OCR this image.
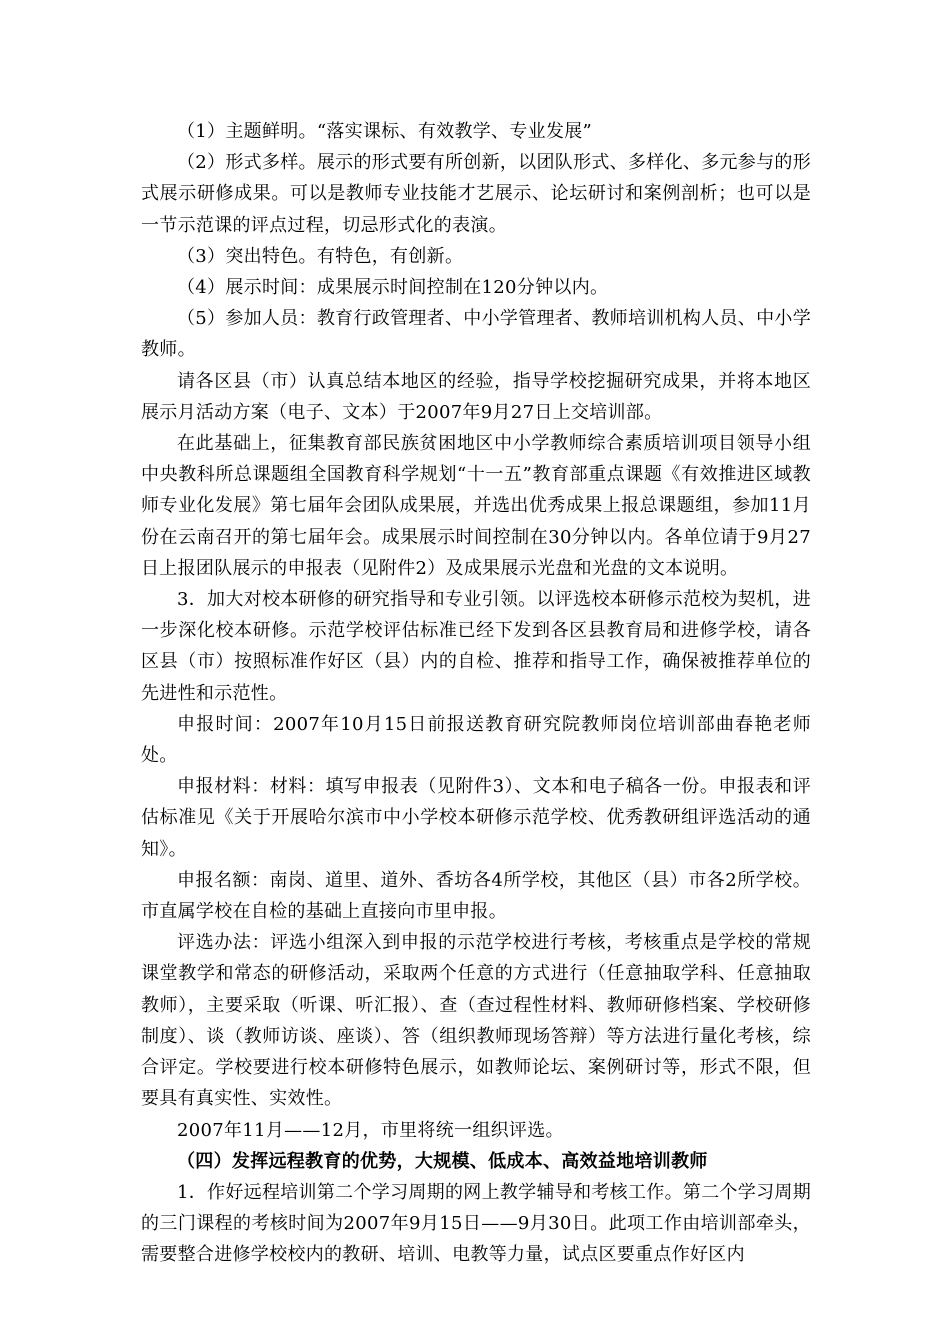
（1）主题鲜明。“落实课标、有效教学、专业发展”

（2）形式多样。展示的形式要有所创新，以团队形式、多样化、多元参与的形式展示研修成果。可以是教师专业技能才艺展示、论坛研讨和案例剖析；也可以是一节示范课的评点过程，切忌形式化的表演。

（3）突出特色。有特色，有创新。

（4）展示时间：成果展示时间控制在120分钟以内。

（5）参加人员：教育行政管理者、中小学管理者、教师培训机构人员、中小学教师。

请各区县（市）认真总结本地区的经验，指导学校挖掘研究成果，并将本地区展示月活动方案（电子、文本）于2007年9月27日上交培训部。

在此基础上，征集教育部民族贫困地区中小学教师综合素质培训项目领导小组中央教科所总课题组全国教育科学规划“十一五”教育部重点课题《有效推进区域教师专业化发展》第七届年会团队成果展，并选出优秀成果上报总课题组，参加11月份在云南召开的第七届年会。成果展示时间控制在30分钟以内。各单位请于9月27日上报团队展示的申报表（见附件2）及成果展示光盘和光盘的文本说明。

3．加大对校本研修的研究指导和专业引领。以评选校本研修示范校为契机，进一步深化校本研修。示范学校评估标准已经下发到各区县教育局和进修学校，请各区县（市）按照标准作好区（县）内的自检、推荐和指导工作，确保被推荐单位的先进性和示范性。

申报时间：2007年10月15日前报送教育研究院教师岗位培训部曲春艳老师处。

申报材料：材料：填写申报表（见附件3）、文本和电子稿各一份。申报表和评估标准见《关于开展哈尔滨市中小学校本研修示范学校、优秀教研组评选活动的通知》。

申报名额：南岗、道里、道外、香坊各4所学校，其他区（县）市各2所学校。市直属学校在自检的基础上直接向市里申报。

评选办法：评选小组深入到申报的示范学校进行考核，考核重点是学校的常规课堂教学和常态的研修活动，采取两个任意的方式进行（任意抽取学科、任意抽取教师），主要采取（听课、听汇报）、查（查过程性材料、教师研修档案、学校研修制度）、谈（教师访谈、座谈）、答（组织教师现场答辩）等方法进行量化考核，综合评定。学校要进行校本研修特色展示，如教师论坛、案例研讨等，形式不限，但要具有真实性、实效性。

2007年11月——12月，市里将统一组织评选。

（四）发挥远程教育的优势，大规模、低成本、高效益地培训教师

1．作好远程培训第二个学习周期的网上教学辅导和考核工作。第二个学习周期的三门课程的考核时间为2007年9月15日——9月30日。此项工作由培训部牵头，需要整合进修学校校内的教研、培训、电教等力量，试点区要重点作好区内
